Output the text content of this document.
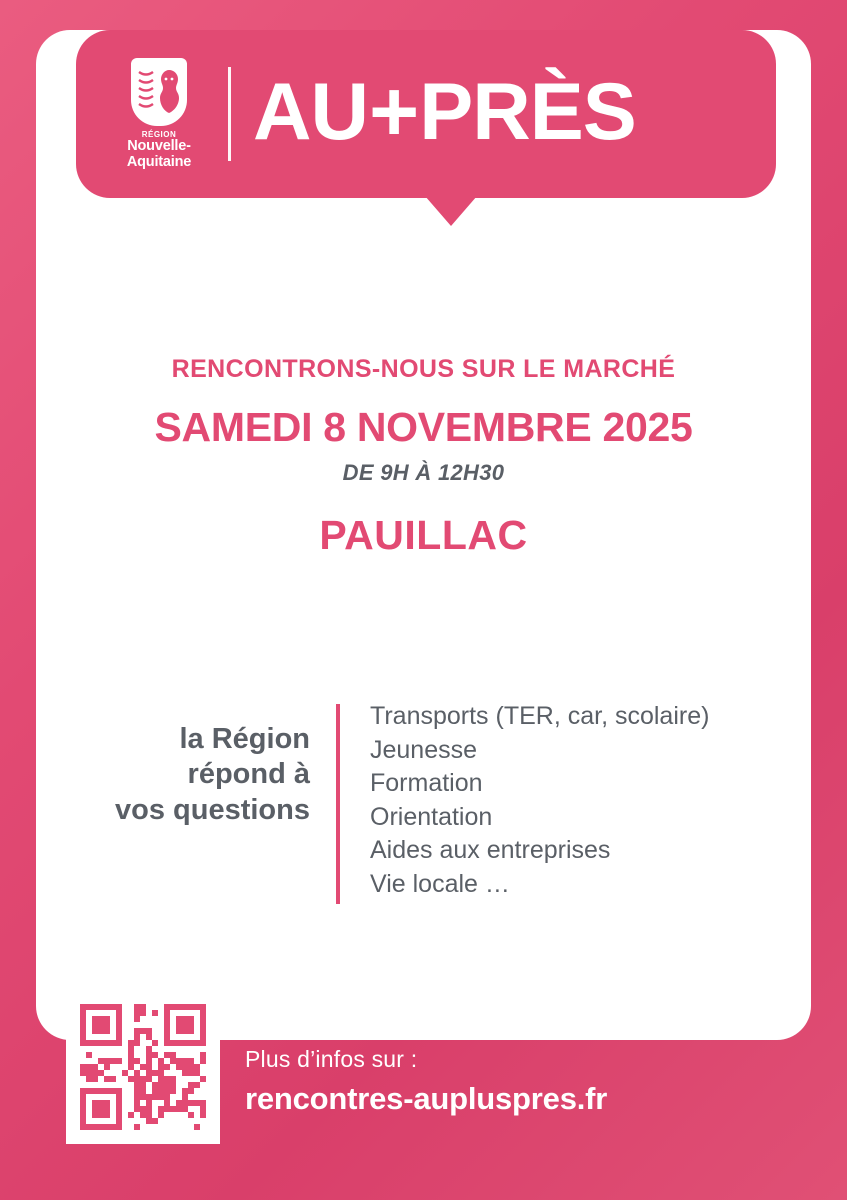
RÉGION
Nouvelle-
Aquitaine
AU + PRÈS
RENCONTRONS-NOUS SUR LE MARCHÉ
SAMEDI 8 NOVEMBRE 2025
DE 9H À 12H30
PAUILLAC
la Région
répond à
vos questions
Transports (TER, car, scolaire)
Jeunesse
Formation
Orientation
Aides aux entreprises
Vie locale …
Plus d’infos sur :
rencontres-aupluspres.fr
